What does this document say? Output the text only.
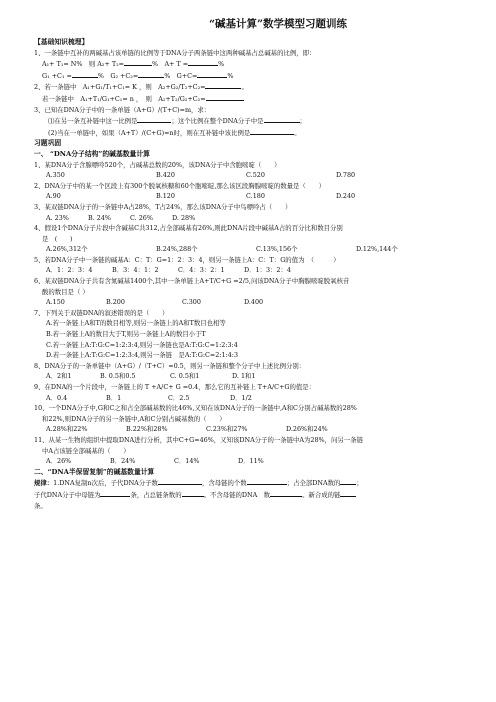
“碱基计算”数学模型习题训练
【基础知识梳理】
1、一条链中互补的两碱基占该单链的比例等于DNA分子两条链中这两种碱基占总碱基的比例，即：
A₁+ T₁= N%　则 A₂+ T₂=	%　A+ T =	%
G₁ +C₁ =	%　G₂ +C₂=	%　G+C=	%
2、若一条链中　A₁+G₁/T₁+C₁= K ，则　A₂+G₂/T₂+C₂=	。
若一条链中　A₁+T₁/G₁+C₁= n ，　则　A₂+T₂/G₂+C₂=
3、已知在DNA分子中的一条单链（A+G）/(T+C)=m，求：
⑴在另一条互补链中这一比例是	；这个比例在整个DNA分子中是	；
(2)当在一单链中，如果（A+T）/(C+G)=n时，则在互补链中该比例是	。
习题巩固
一、 “DNA分子结构”的碱基数量计算
1、某DNA分子含腺嘌呤520个，占碱基总数的20%，该DNA分子中含胞嘧啶（　　）
A.350	B.420	C.520	D.780
2、DNA分子中的某一个区段上有300个脱氧核糖和60个胞嘧啶,那么该区段胸腺嘧啶的数量是（　　）
A.90	B.120	C.180	D.240
3、某双链DNA分子的一条链中A占28%，T占24%，那么该DNA分子中鸟嘌呤占（　　）
A. 23%	B. 24%	C. 26%	D. 28%
4、假设1个DNA分子片段中含碱基C共312,占全部碱基有26%,则此DNA片段中碱基A占的百分比和数目分别
是　(　　)
A.26%,312个	B.24%,288个	C.13%,156个	D.12%,144个
5、若DNA分子中一条链的碱基A：C：T：G=1：2：3：4，则另一条链上A：C：T：G的值为　（　　　）
A．1：2：3：4	B．3：4：1：2	C．4：3：2：1	D．1：3：2：4
6、某双链DNA分子共有含氮碱基1400个,其中一条单链上A+T/C+G =2/5,问该DNA分子中胸腺嘧啶脱氧核苷
酸的数目是（ ）
A.150	B.200	C.300	D.400
7、下列关于双链DNA的叙述错误的是（　　）
A.若一条链上A和T的数目相等,则另一条链上的A和T数目也相等
B.若一条链上A的数目大于T,则另一条链上A的数目小于T
C.若一条链上A:T:G:C=1:2:3:4,则另一条链也是A:T:G:C=1:2:3:4
D.若一条链上A:T:G:C=1:2:3:4,则另一条链　是A:T:G:C=2:1:4:3
8、DNA分子的一条单链中（A+G）/（T+C）=0.5，则另一条链和整个分子中上述比例分别：
A．2和1	B. 0.5和0.5	C. 0.5和1	D. 1和1
9、在DNA的一个片段中，一条链上的 T +A/C+ G =0.4，那么它的互补链上 T+A/C+G的值是：
A．0.4	B．1	C．2.5	D．1/2
10、一个DNA分子中,G和C之和占全部碱基数的比46%,又知在该DNA分子的一条链中,A和C分别占碱基数的28%
和22%,则DNA分子的另一条链中,A和C分别占碱基数的（　　）
A.28%和22%	B.22%和28%	C.23%和27%	D.26%和24%
11、从某一生物的组织中提取DNA进行分析，其中C+G=46%，又知该DNA分子的一条链中A为28%，问另一条链
中A占该链全部碱基的（　　）
A．26%	B．24%	C．14%	D．11%
二、“DNA半保留复制”的碱基数量计算
规律：1.DNA复制n次后，子代DNA分子数	，含母链的个数	；占全部DNA数的	；
子代DNA分子中母链为	条，占总链条数的	。不含母链的DNA　数	。新合成的链
条。
